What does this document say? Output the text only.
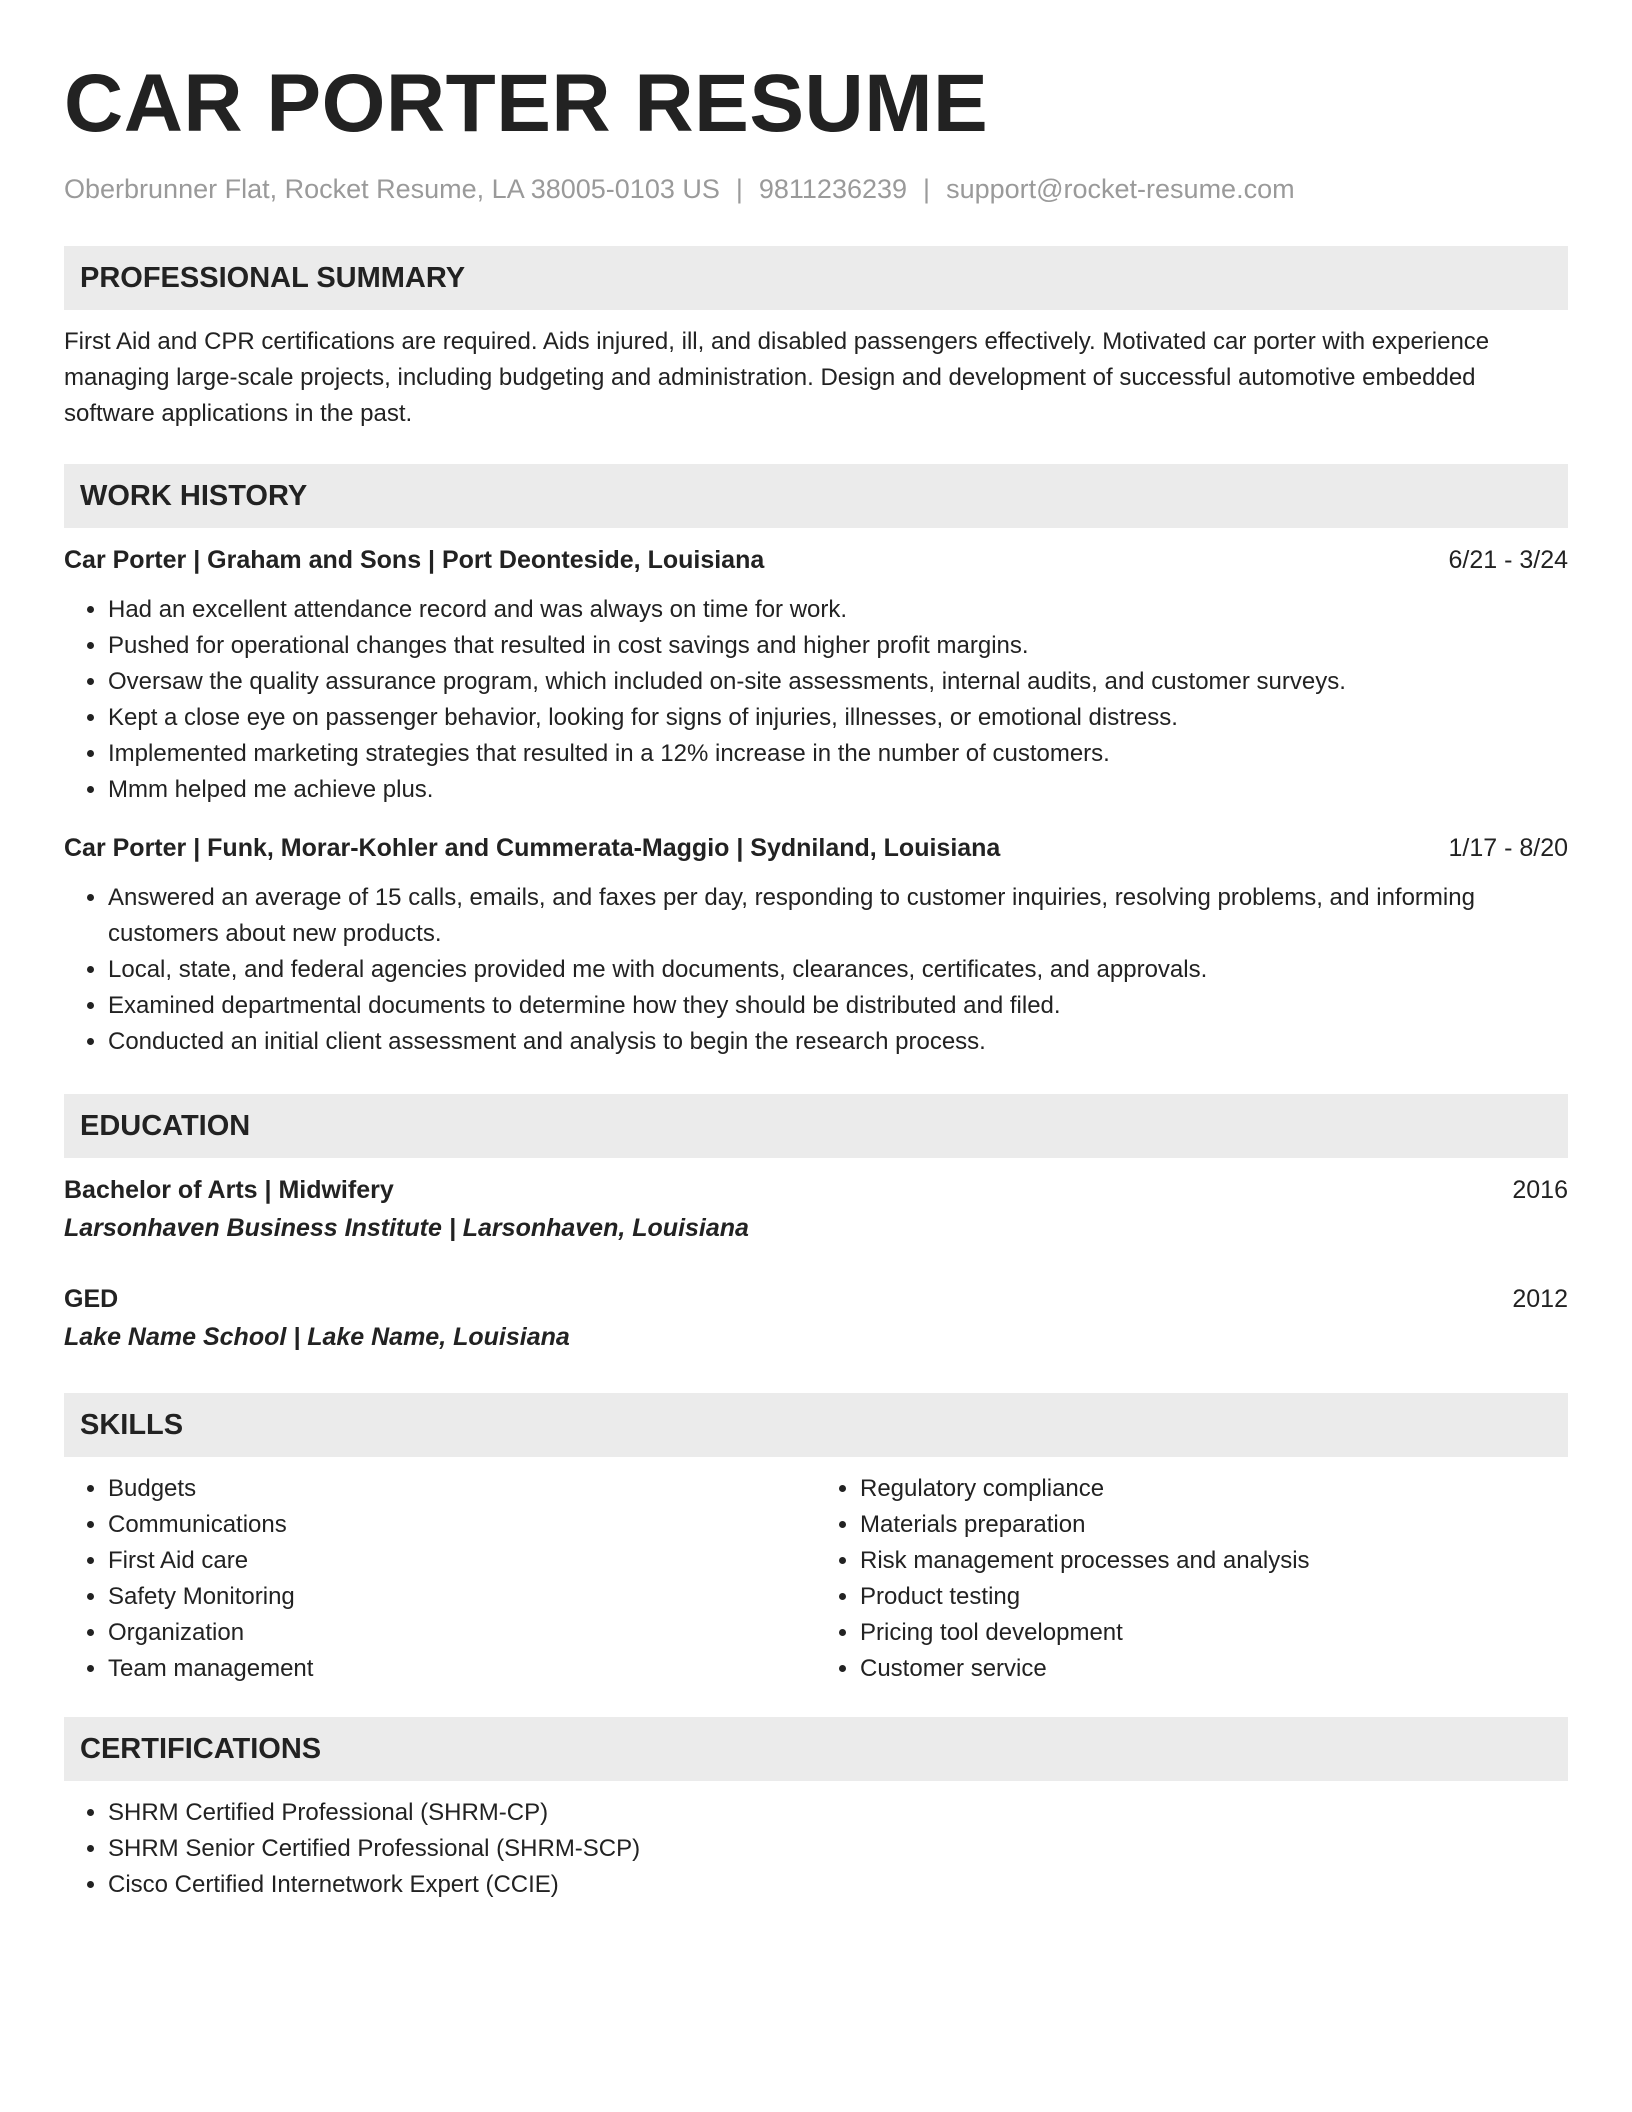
CAR PORTER RESUME
Oberbrunner Flat, Rocket Resume, LA 38005-0103 US | 9811236239 | support@rocket-resume.com
PROFESSIONAL SUMMARY

First Aid and CPR certifications are required. Aids injured, ill, and disabled passengers effectively. Motivated car porter with experience managing large-scale projects, including budgeting and administration. Design and development of successful automotive embedded software applications in the past.

WORK HISTORY
Car Porter | Graham and Sons | Port Deonteside, Louisiana	6/21 - 3/24
• Had an excellent attendance record and was always on time for work.
• Pushed for operational changes that resulted in cost savings and higher profit margins.
• Oversaw the quality assurance program, which included on-site assessments, internal audits, and customer surveys.
• Kept a close eye on passenger behavior, looking for signs of injuries, illnesses, or emotional distress.
• Implemented marketing strategies that resulted in a 12% increase in the number of customers.
• Mmm helped me achieve plus.
Car Porter | Funk, Morar-Kohler and Cummerata-Maggio | Sydniland, Louisiana	1/17 - 8/20
• Answered an average of 15 calls, emails, and faxes per day, responding to customer inquiries, resolving problems, and informing customers about new products.
• Local, state, and federal agencies provided me with documents, clearances, certificates, and approvals.
• Examined departmental documents to determine how they should be distributed and filed.
• Conducted an initial client assessment and analysis to begin the research process.
EDUCATION
Bachelor of Arts | Midwifery	2016
Larsonhaven Business Institute | Larsonhaven, Louisiana
GED	2012
Lake Name School | Lake Name, Louisiana
SKILLS
• Budgets
• Communications
• First Aid care
• Safety Monitoring
• Organization
• Team management
• Regulatory compliance
• Materials preparation
• Risk management processes and analysis
• Product testing
• Pricing tool development
• Customer service
CERTIFICATIONS
• SHRM Certified Professional (SHRM-CP)
• SHRM Senior Certified Professional (SHRM-SCP)
• Cisco Certified Internetwork Expert (CCIE)
